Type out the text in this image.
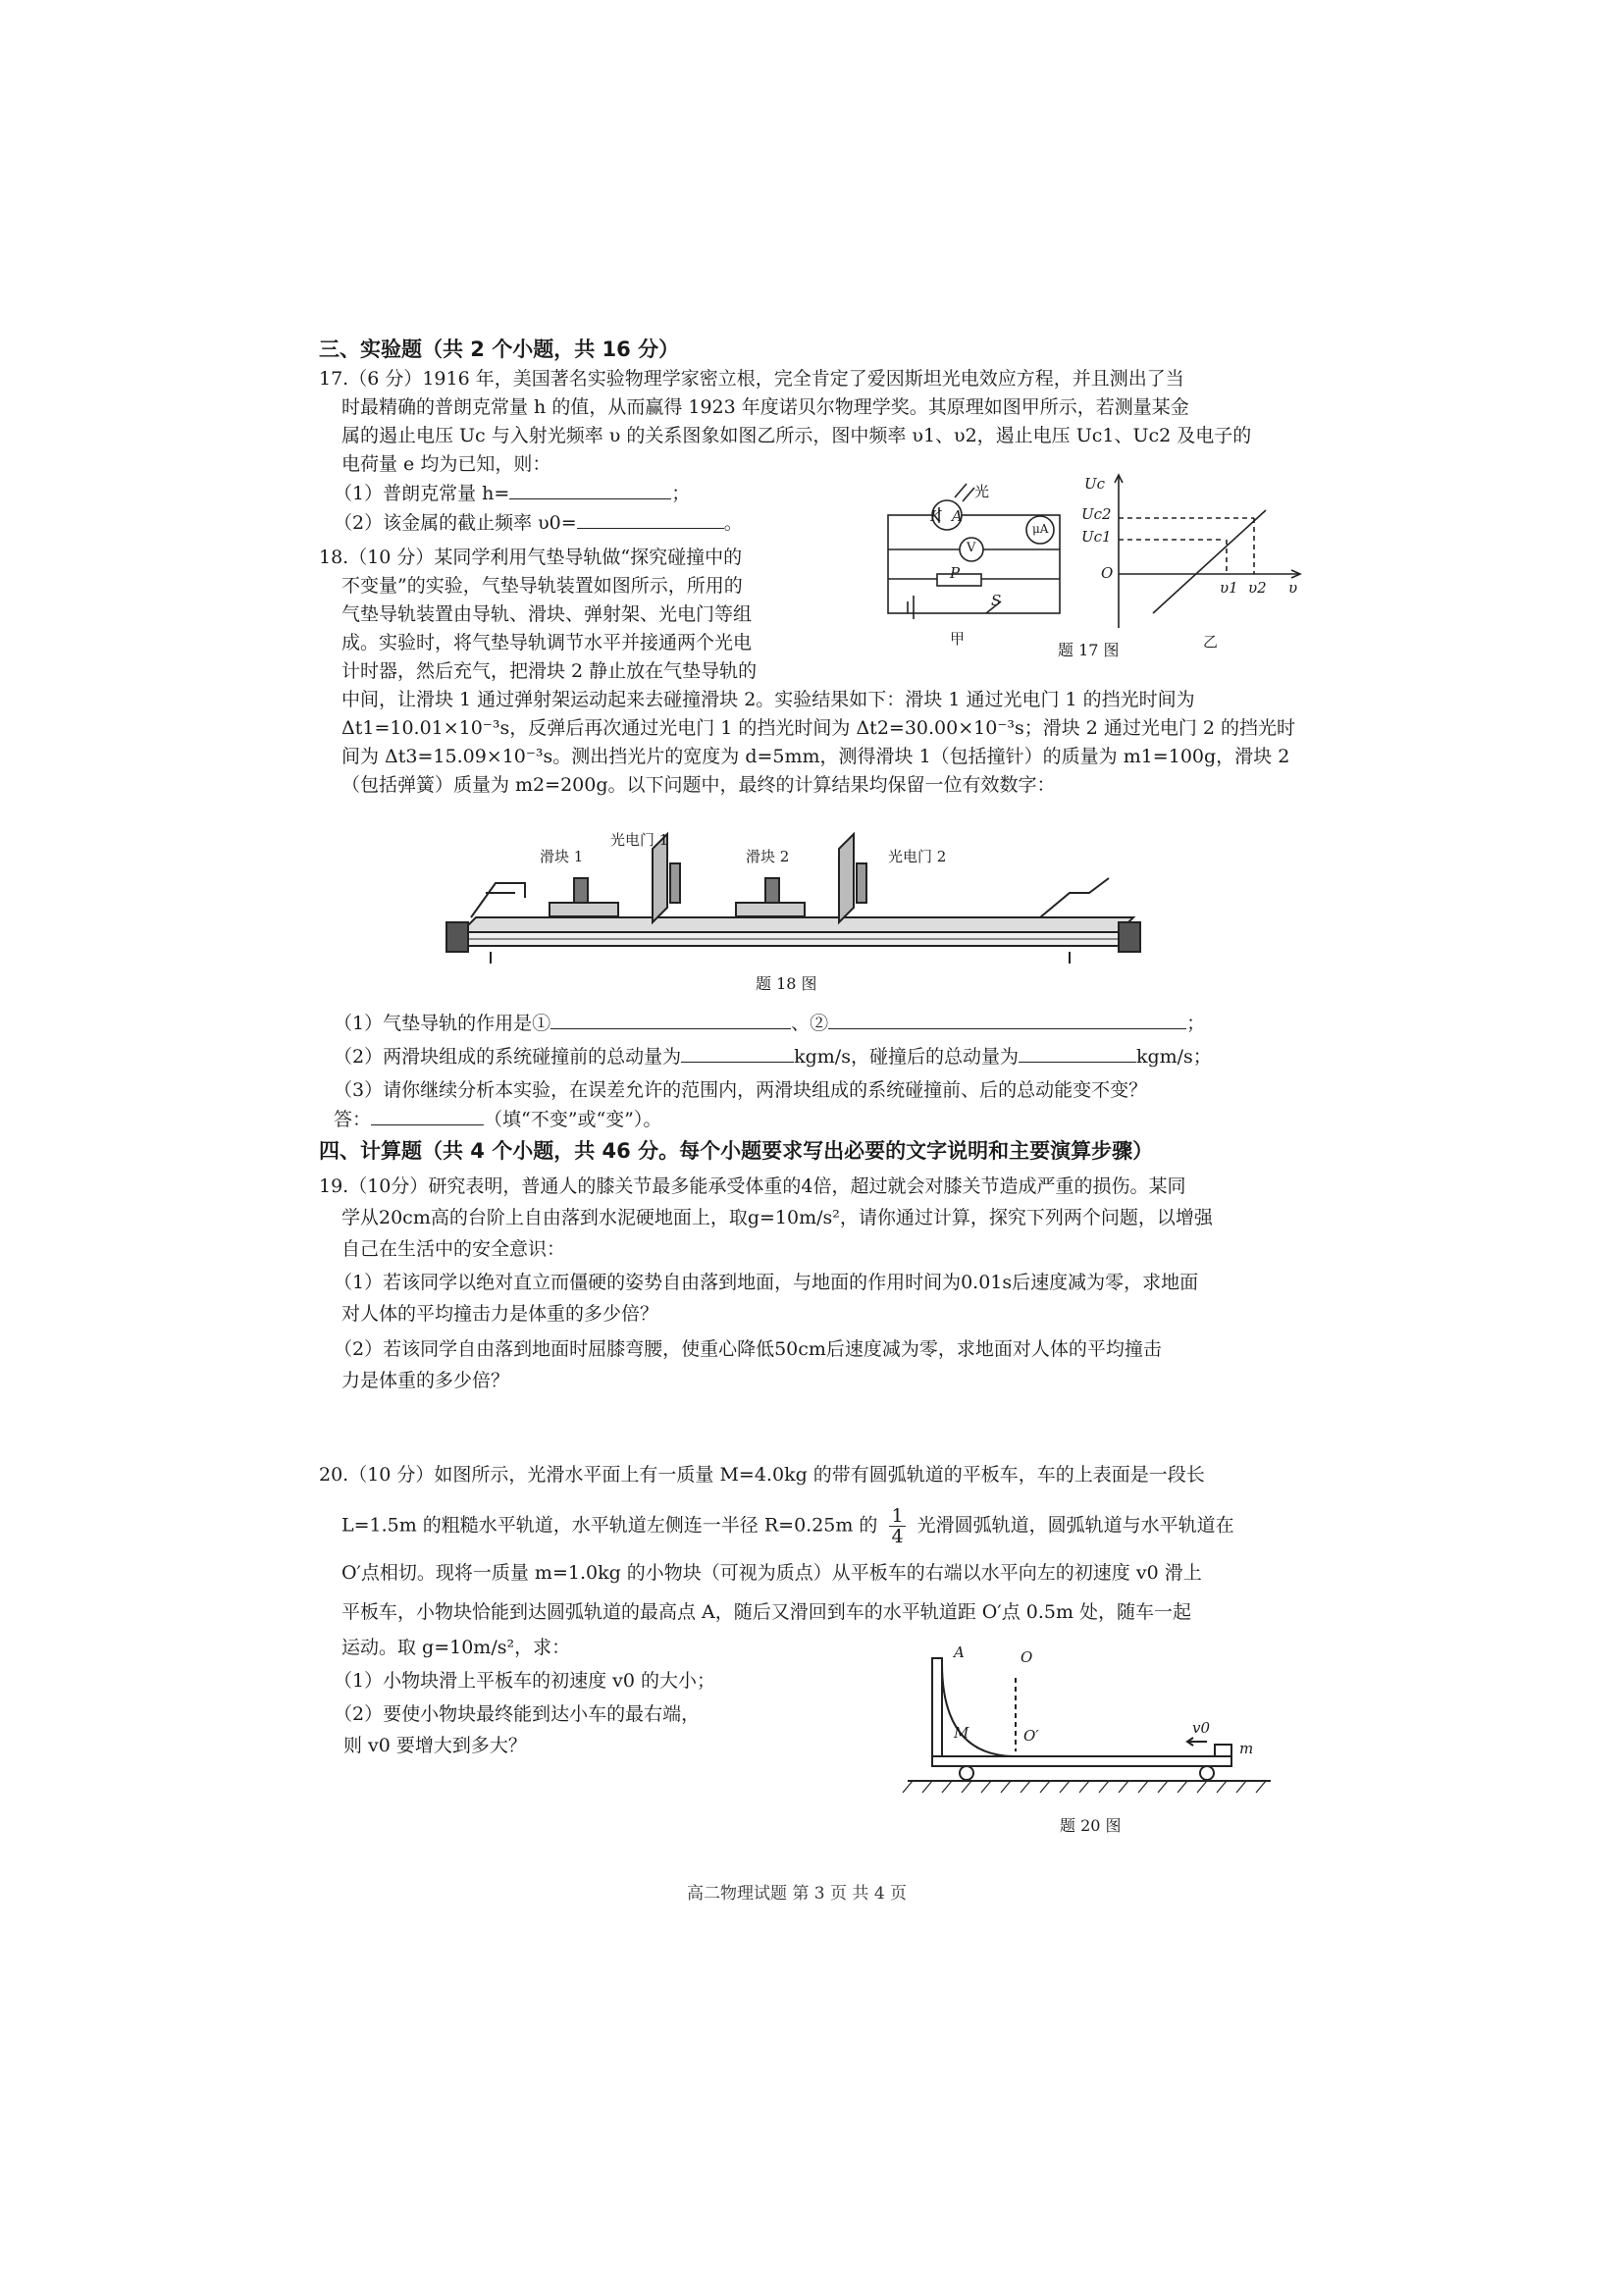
三、实验题（共 2 个小题，共 16 分）
17.（6 分）1916 年，美国著名实验物理学家密立根，完全肯定了爱因斯坦光电效应方程，并且测出了当
时最精确的普朗克常量 h 的值，从而赢得 1923 年度诺贝尔物理学奖。其原理如图甲所示，若测量某金
属的遏止电压 Uc 与入射光频率 υ 的关系图象如图乙所示，图中频率 υ1、υ2，遏止电压 Uc1、Uc2 及电子的
电荷量 e 均为已知，则：
（1）普朗克常量 h=	；
（2）该金属的截止频率 υ0=	。
光
K A
μA
V
P
S
甲
Uc
Uc2
Uc1
O
υ1 υ2 υ
题 17 图	乙
18.（10 分）某同学利用气垫导轨做“探究碰撞中的
不变量”的实验，气垫导轨装置如图所示，所用的
气垫导轨装置由导轨、滑块、弹射架、光电门等组
成。实验时，将气垫导轨调节水平并接通两个光电
计时器，然后充气，把滑块 2 静止放在气垫导轨的
中间，让滑块 1 通过弹射架运动起来去碰撞滑块 2。实验结果如下：滑块 1 通过光电门 1 的挡光时间为
Δt1=10.01×10⁻³s，反弹后再次通过光电门 1 的挡光时间为 Δt2=30.00×10⁻³s；滑块 2 通过光电门 2 的挡光时
间为 Δt3=15.09×10⁻³s。测出挡光片的宽度为 d=5mm，测得滑块 1（包括撞针）的质量为 m1=100g，滑块 2
（包括弹簧）质量为 m2=200g。以下问题中，最终的计算结果均保留一位有效数字：
滑块 1
光电门 1
滑块 2	光电门 2
题 18 图
（1）气垫导轨的作用是①	、②	；
（2）两滑块组成的系统碰撞前的总动量为	kgm/s，碰撞后的总动量为	kgm/s；
（3）请你继续分析本实验，在误差允许的范围内，两滑块组成的系统碰撞前、后的总动能变不变？
答：	（填“不变”或“变”）。
四、计算题（共 4 个小题，共 46 分。每个小题要求写出必要的文字说明和主要演算步骤）
19.（10分）研究表明，普通人的膝关节最多能承受体重的4倍，超过就会对膝关节造成严重的损伤。某同
学从20cm高的台阶上自由落到水泥硬地面上，取g=10m/s²，请你通过计算，探究下列两个问题，以增强
自己在生活中的安全意识：
（1）若该同学以绝对直立而僵硬的姿势自由落到地面，与地面的作用时间为0.01s后速度减为零，求地面
对人体的平均撞击力是体重的多少倍？
（2）若该同学自由落到地面时屈膝弯腰，使重心降低50cm后速度减为零，求地面对人体的平均撞击
力是体重的多少倍？
20.（10 分）如图所示，光滑水平面上有一质量 M=4.0kg 的带有圆弧轨道的平板车，车的上表面是一段长
L=1.5m 的粗糙水平轨道，水平轨道左侧连一半径 R=0.25m 的 $\frac{1}{4}$ 光滑圆弧轨道，圆弧轨道与水平轨道在
O′点相切。现将一质量 m=1.0kg 的小物块（可视为质点）从平板车的右端以水平向左的初速度 v0 滑上
平板车，小物块恰能到达圆弧轨道的最高点 A，随后又滑回到车的水平轨道距 O′点 0.5m 处，随车一起
运动。取 g=10m/s²，求：
（1）小物块滑上平板车的初速度 v0 的大小；
（2）要使小物块最终能到达小车的最右端，
则 v0 要增大到多大？
A	O
M	O′	v0
m
题 20 图
高二物理试题 第 3 页 共 4 页
